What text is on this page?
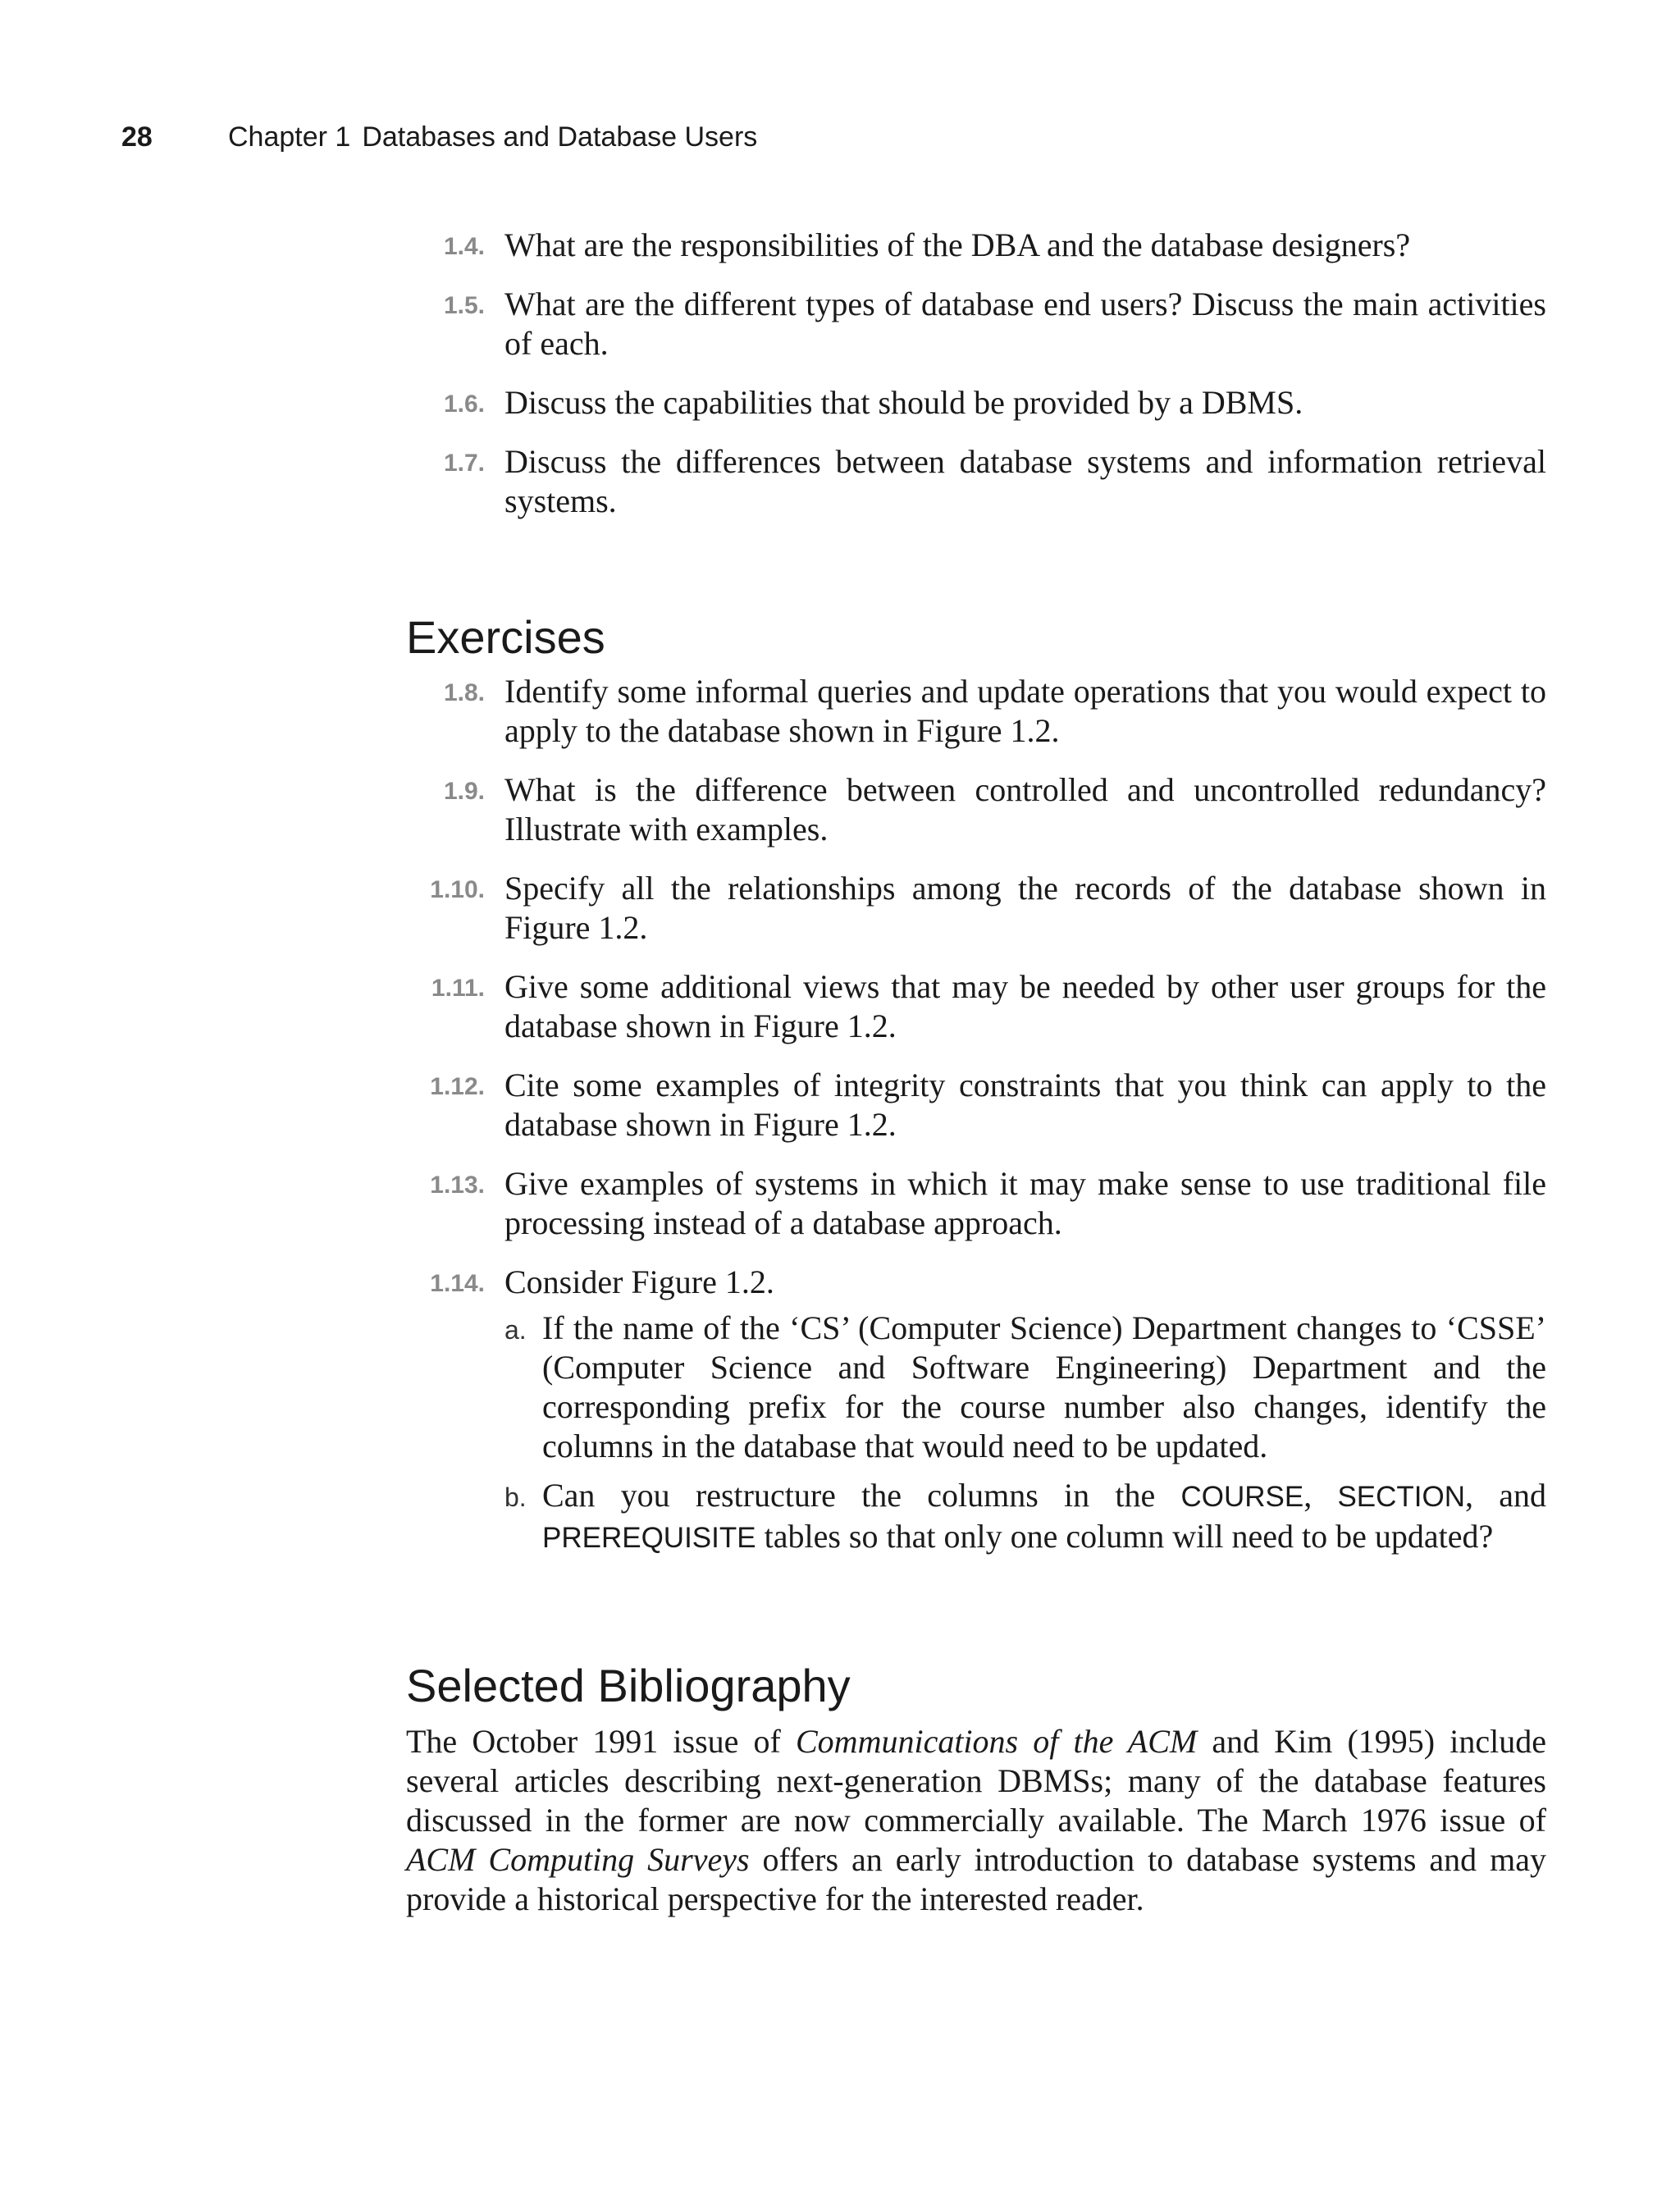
28	Chapter 1 Databases and Database Users
1.4. What are the responsibilities of the DBA and the database designers?
1.5. What are the different types of database end users? Discuss the main activities of each.
1.6. Discuss the capabilities that should be provided by a DBMS.
1.7. Discuss the differences between database systems and information retrieval systems.
Exercises
1.8. Identify some informal queries and update operations that you would expect to apply to the database shown in Figure 1.2.
1.9. What is the difference between controlled and uncontrolled redundancy? Illustrate with examples.
1.10. Specify all the relationships among the records of the database shown in Figure 1.2.
1.11. Give some additional views that may be needed by other user groups for the database shown in Figure 1.2.
1.12. Cite some examples of integrity constraints that you think can apply to the database shown in Figure 1.2.
1.13. Give examples of systems in which it may make sense to use traditional file processing instead of a database approach.
1.14. Consider Figure 1.2.
a. If the name of the ‘CS’ (Computer Science) Department changes to ‘CSSE’ (Computer Science and Software Engineering) Department and the corresponding prefix for the course number also changes, identify the columns in the database that would need to be updated.
b. Can you restructure the columns in the COURSE, SECTION, and PREREQUISITE tables so that only one column will need to be updated?
Selected Bibliography

The October 1991 issue of Communications of the ACM and Kim (1995) include several articles describing next-generation DBMSs; many of the database features discussed in the former are now commercially available. The March 1976 issue of ACM Computing Surveys offers an early introduction to database systems and may provide a historical perspective for the interested reader.
